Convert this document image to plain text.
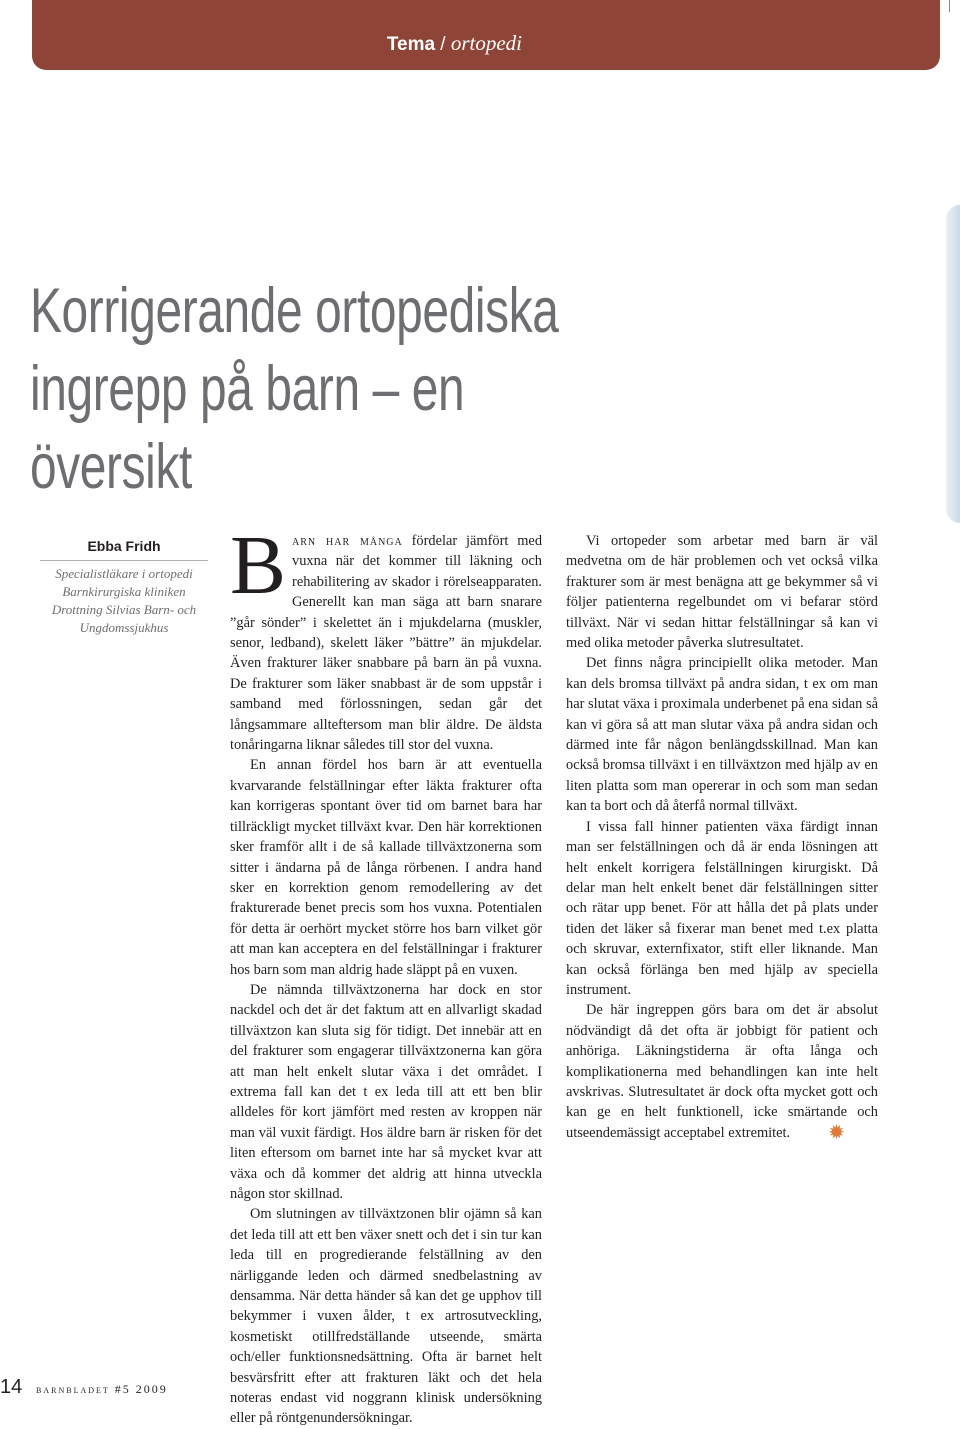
Tema / ortopedi
Korrigerande ortopediska ingrepp på barn – en översikt
Ebba Fridh
Specialistläkare i ortopedi
Barnkirurgiska kliniken
Drottning Silvias Barn- och Ungdomssjukhus

Barn har många fördelar jämfört med vuxna när det kommer till läkning och rehabilitering av skador i rörelseapparaten. Generellt kan man säga att barn snarare ”går sönder” i skelettet än i mjukdelarna (muskler, senor, ledband), skelett läker ”bättre” än mjukdelar. Även frakturer läker snabbare på barn än på vuxna. De frakturer som läker snabbast är de som uppstår i samband med förlossningen, sedan går det långsammare allteftersom man blir äldre. De äldsta tonåringarna liknar således till stor del vuxna.

En annan fördel hos barn är att eventuella kvarvarande felställningar efter läkta frakturer ofta kan korrigeras spontant över tid om barnet bara har tillräckligt mycket tillväxt kvar. Den här korrektionen sker framför allt i de så kallade tillväxtzonerna som sitter i ändarna på de långa rörbenen. I andra hand sker en korrektion genom remodellering av det frakturerade benet precis som hos vuxna. Potentialen för detta är oerhört mycket större hos barn vilket gör att man kan acceptera en del felställningar i frakturer hos barn som man aldrig hade släppt på en vuxen.

De nämnda tillväxtzonerna har dock en stor nackdel och det är det faktum att en allvarligt skadad tillväxtzon kan sluta sig för tidigt. Det innebär att en del frakturer som engagerar tillväxtzonerna kan göra att man helt enkelt slutar växa i det området. I extrema fall kan det t ex leda till att ett ben blir alldeles för kort jämfört med resten av kroppen när man väl vuxit färdigt. Hos äldre barn är risken för det liten eftersom om barnet inte har så mycket kvar att växa och då kommer det aldrig att hinna utveckla någon stor skillnad.

Om slutningen av tillväxtzonen blir ojämn så kan det leda till att ett ben växer snett och det i sin tur kan leda till en progredierande felställning av den närliggande leden och därmed snedbelastning av densamma. När detta händer så kan det ge upphov till bekymmer i vuxen ålder, t ex artrosutveckling, kosmetiskt otillfredställande utseende, smärta och/eller funktionsnedsättning. Ofta är barnet helt besvärsfritt efter att frakturen läkt och det hela noteras endast vid noggrann klinisk undersökning eller på röntgenundersökningar.

Vi ortopeder som arbetar med barn är väl medvetna om de här problemen och vet också vilka frakturer som är mest benägna att ge bekymmer så vi följer patienterna regelbundet om vi befarar störd tillväxt. När vi sedan hittar felställningar så kan vi med olika metoder påverka slutresultatet.

Det finns några principiellt olika metoder. Man kan dels bromsa tillväxt på andra sidan, t ex om man har slutat växa i proximala underbenet på ena sidan så kan vi göra så att man slutar växa på andra sidan och därmed inte får någon benlängdsskillnad. Man kan också bromsa tillväxt i en tillväxtzon med hjälp av en liten platta som man opererar in och som man sedan kan ta bort och då återfå normal tillväxt.

I vissa fall hinner patienten växa färdigt innan man ser felställningen och då är enda lösningen att helt enkelt korrigera felställningen kirurgiskt. Då delar man helt enkelt benet där felställningen sitter och rätar upp benet. För att hålla det på plats under tiden det läker så fixerar man benet med t.ex platta och skruvar, externfixator, stift eller liknande. Man kan också förlänga ben med hjälp av speciella instrument.

De här ingreppen görs bara om det är absolut nödvändigt då det ofta är jobbigt för patient och anhöriga. Läkningstiderna är ofta långa och komplikationerna med behandlingen kan inte helt avskrivas. Slutresultatet är dock ofta mycket gott och kan ge en helt funktionell, icke smärtande och utseendemässigt acceptabel extremitet. ✹

14 barnbladet #5 2009
